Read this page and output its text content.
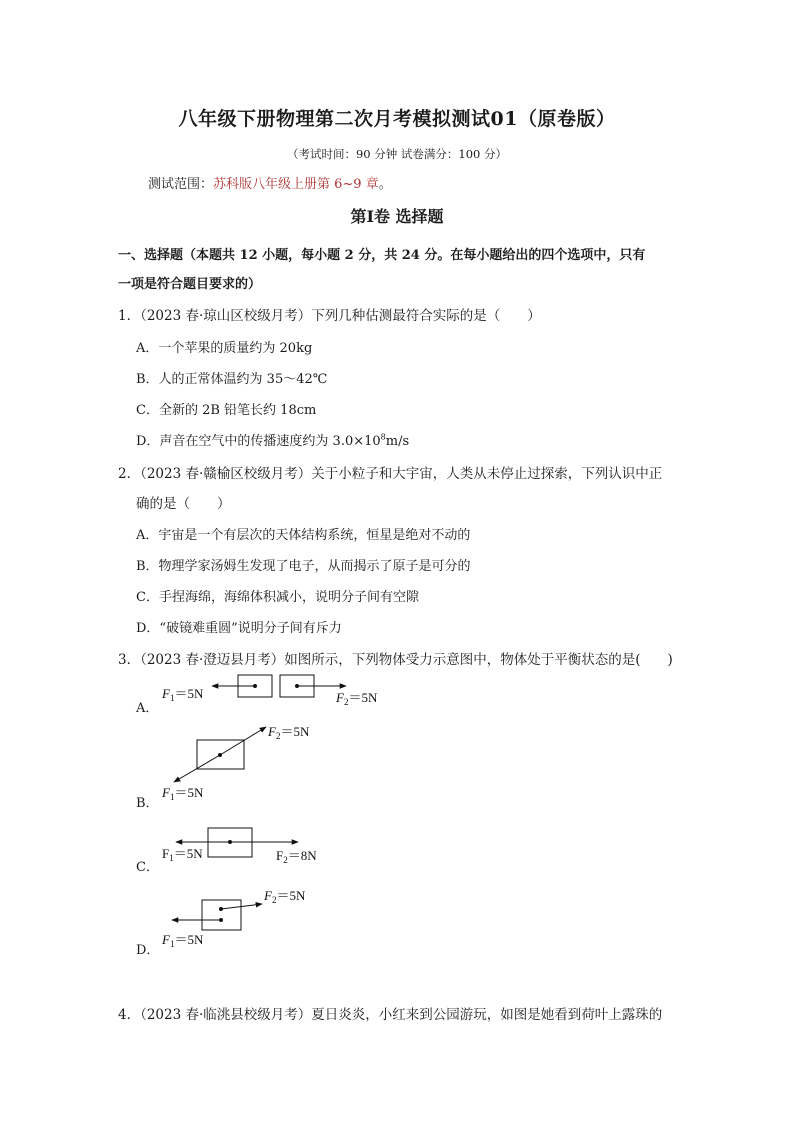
八年级下册物理第二次月考模拟测试01（原卷版）
（考试时间：90 分钟 试卷满分：100 分）
测试范围：苏科版八年级上册第 6~9 章。
第Ⅰ卷 选择题
一、选择题（本题共 12 小题，每小题 2 分，共 24 分。在每小题给出的四个选项中，只有
一项是符合题目要求的）
1．（2023 春·琼山区校级月考）下列几种估测最符合实际的是（　　）
A．一个苹果的质量约为 20kg
B．人的正常体温约为 35～42℃
C．全新的 2B 铅笔长约 18cm
D．声音在空气中的传播速度约为 $3.0\times 10^8m/s$
2．（2023 春·赣榆区校级月考）关于小粒子和大宇宙，人类从未停止过探索，下列认识中正
确的是（　　）
A．宇宙是一个有层次的天体结构系统，恒星是绝对不动的
B．物理学家汤姆生发现了电子，从而揭示了原子是可分的
C．手捏海绵，海绵体积减小，说明分子间有空隙
D．“破镜难重圆”说明分子间有斥力
3．（2023 春·澄迈县月考）如图所示，下列物体受力示意图中，物体处于平衡状态的是(　　)
A．
B．
C．
D．
$F_1=5N$	$F_2=5N$
$F_2=5N$
$F_1=5N$
$F_1=5N$	$F_2=8N$
$F_2=5N$
$F_1=5N$
4．（2023 春·临洮县校级月考）夏日炎炎，小红来到公园游玩，如图是她看到荷叶上露珠的
